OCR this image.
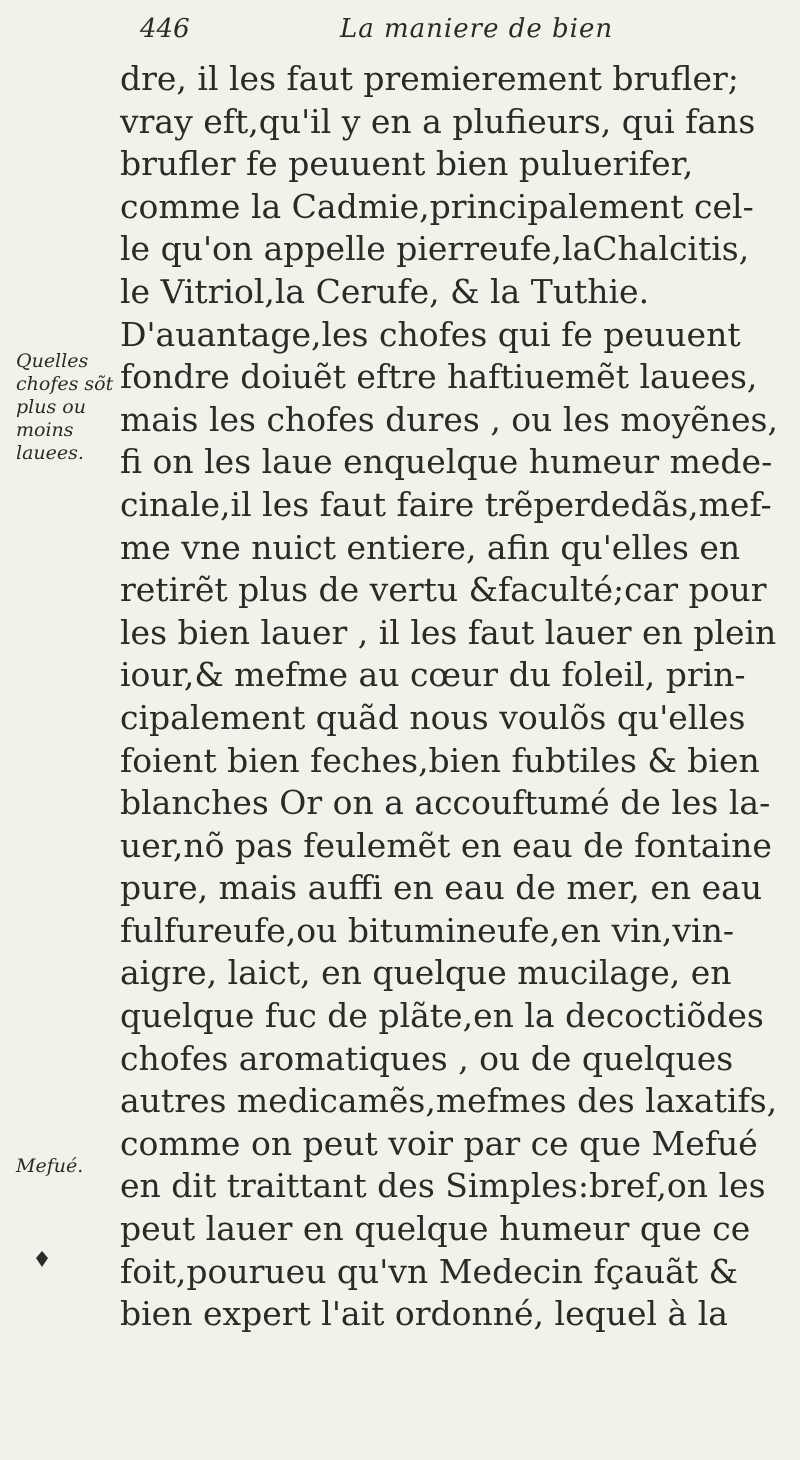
446	La maniere de bien
Quelles
chofes sõt
plus ou
moins
lauees.
Mefué.
dre, il les faut premierement brufler;
vray eft,qu'il y en a plufieurs, qui fans
brufler fe peuuent bien puluerifer,
comme la Cadmie,principalement cel-
le qu'on appelle pierreufe,laChalcitis,
le Vitriol,la Cerufe, & la Tuthie.
D'auantage,les chofes qui fe peuuent
fondre doiuẽt eftre haftiuemẽt lauees,
mais les chofes dures , ou les moyẽnes,
fi on les laue enquelque humeur mede-
cinale,il les faut faire trẽperdedãs,mef-
me vne nuict entiere, afin qu'elles en
retirẽt plus de vertu &faculté;car pour
les bien lauer , il les faut lauer en plein
iour,& mefme au cœur du foleil, prin-
cipalement quãd nous voulõs qu'elles
foient bien feches,bien fubtiles & bien
blanches Or on a accouftumé de les la-
uer,nõ pas feulemẽt en eau de fontaine
pure, mais auffi en eau de mer, en eau
fulfureufe,ou bitumineufe,en vin,vin-
aigre, laict, en quelque mucilage, en
quelque fuc de plãte,en la decoctiõdes
chofes aromatiques , ou de quelques
autres medicamẽs,mefmes des laxatifs,
comme on peut voir par ce que Mefué
en dit traittant des Simples:bref,on les
peut lauer en quelque humeur que ce
foit,pourueu qu'vn Medecin fçauãt &
bien expert l'ait ordonné, lequel à la
